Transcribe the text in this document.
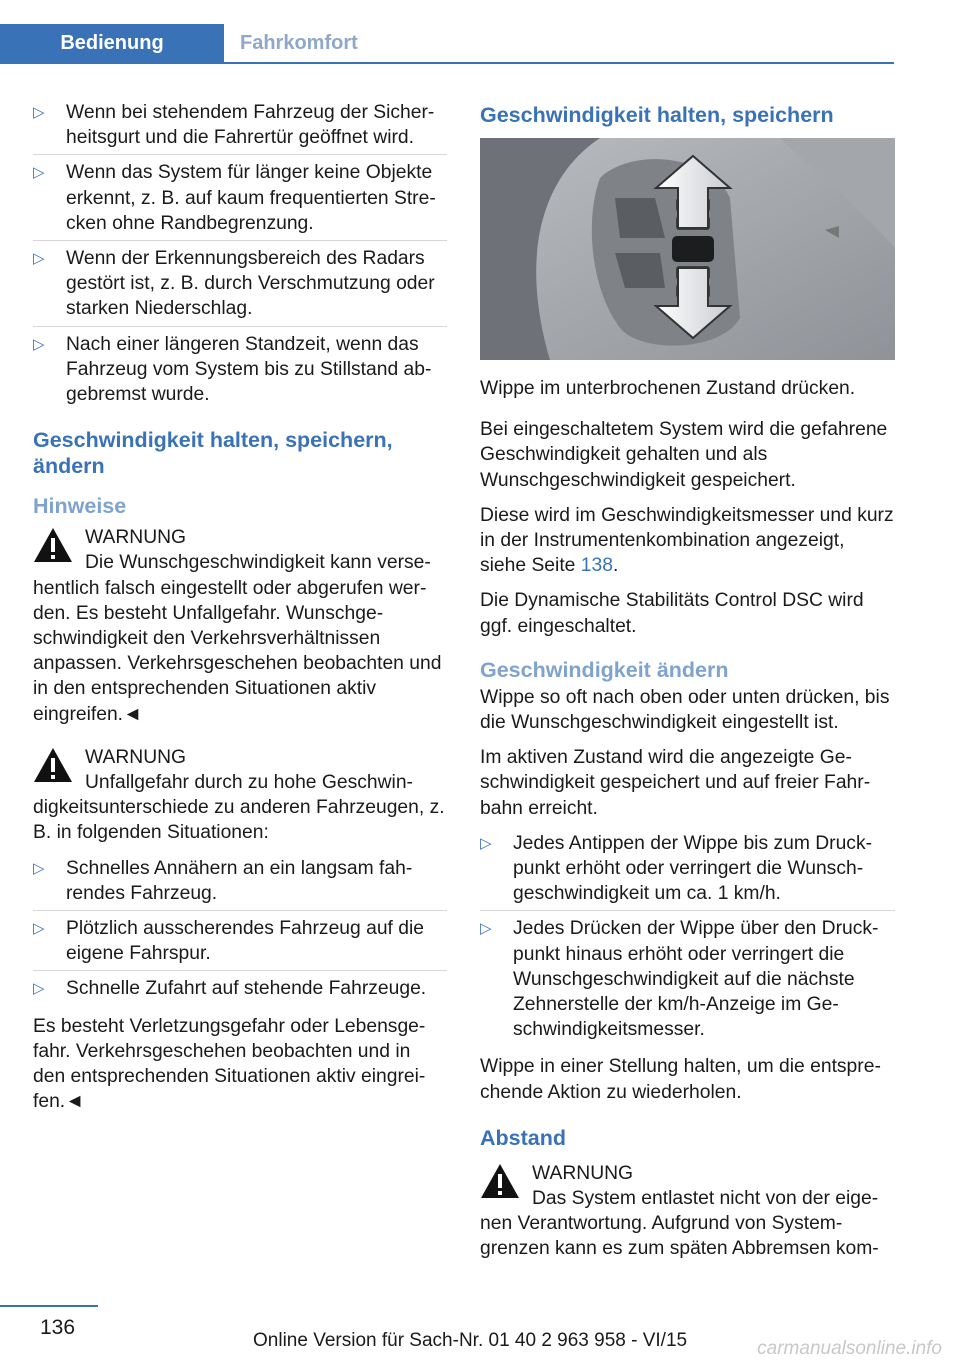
Bedienung	Fahrkomfort
▷ Wenn bei stehendem Fahrzeug der Sicherheitsgurt und die Fahrertür geöffnet wird.
▷ Wenn das System für länger keine Objekte erkennt, z. B. auf kaum frequentierten Strecken ohne Randbegrenzung.
▷ Wenn der Erkennungsbereich des Radars gestört ist, z. B. durch Verschmutzung oder starken Niederschlag.
▷ Nach einer längeren Standzeit, wenn das Fahrzeug vom System bis zu Stillstand abgebremst wurde.
Geschwindigkeit halten, speichern, ändern
Hinweise

WARNUNG

Die Wunschgeschwindigkeit kann versehentlich falsch eingestellt oder abgerufen werden. Es besteht Unfallgefahr. Wunschgeschwindigkeit den Verkehrsverhältnissen anpassen. Verkehrsgeschehen beobachten und in den entsprechenden Situationen aktiv eingreifen.◄

WARNUNG

Unfallgefahr durch zu hohe Geschwindigkeitsunterschiede zu anderen Fahrzeugen, z. B. in folgenden Situationen:

▷ Schnelles Annähern an ein langsam fahrendes Fahrzeug.
▷ Plötzlich ausscherendes Fahrzeug auf die eigene Fahrspur.
▷ Schnelle Zufahrt auf stehende Fahrzeuge.

Es besteht Verletzungsgefahr oder Lebensgefahr. Verkehrsgeschehen beobachten und in den entsprechenden Situationen aktiv eingreifen.◄

Geschwindigkeit halten, speichern

Wippe im unterbrochenen Zustand drücken.

Bei eingeschaltetem System wird die gefahrene Geschwindigkeit gehalten und als Wunschgeschwindigkeit gespeichert.

Diese wird im Geschwindigkeitsmesser und kurz in der Instrumentenkombination angezeigt, siehe Seite 138.

Die Dynamische Stabilitäts Control DSC wird ggf. eingeschaltet.

Geschwindigkeit ändern

Wippe so oft nach oben oder unten drücken, bis die Wunschgeschwindigkeit eingestellt ist.

Im aktiven Zustand wird die angezeigte Geschwindigkeit gespeichert und auf freier Fahrbahn erreicht.

▷ Jedes Antippen der Wippe bis zum Druckpunkt erhöht oder verringert die Wunschgeschwindigkeit um ca. 1 km/h.
▷ Jedes Drücken der Wippe über den Druckpunkt hinaus erhöht oder verringert die Wunschgeschwindigkeit auf die nächste Zehnerstelle der km/h-Anzeige im Geschwindigkeitsmesser.

Wippe in einer Stellung halten, um die entsprechende Aktion zu wiederholen.

Abstand

WARNUNG

Das System entlastet nicht von der eigenen Verantwortung. Aufgrund von Systemgrenzen kann es zum späten Abbremsen kom-

136
Online Version für Sach-Nr. 01 40 2 963 958 - VI/15	carmanualsonline.info
